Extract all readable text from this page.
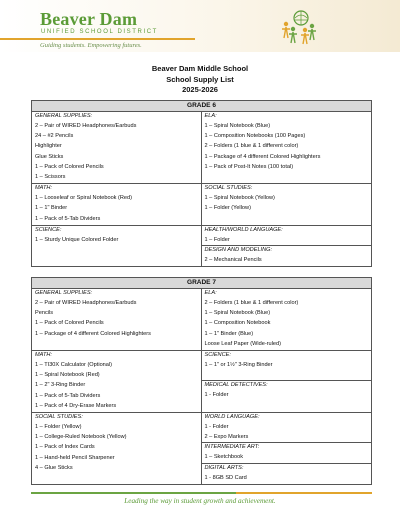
Beaver Dam
UNIFIED SCHOOL DISTRICT
Guiding students. Empowering futures.
Beaver Dam Middle School
School Supply List
2025-2026
GRADE 6
GENERAL SUPPLIES:
2 – Pair of WIRED Headphones/Earbuds
24 – #2 Pencils
Highlighter
Glue Sticks
1 – Pack of Colored Pencils
1 – Scissors
ELA:
1 – Spiral Notebook (Blue)
1 – Composition Notebooks (100 Pages)
2 – Folders (1 blue & 1 different color)
1 – Package of 4 different Colored Highlighters
1 – Pack of Post-It Notes (100 total)
MATH:
1 – Looseleaf or Spiral Notebook (Red)
1 – 1" Binder
1 – Pack of 5-Tab Dividers
SOCIAL STUDIES:
1 – Spiral Notebook (Yellow)
1 – Folder (Yellow)
SCIENCE:
1 – Sturdy Unique Colored Folder
HEALTH/WORLD LANGUAGE:
1 – Folder
DESIGN AND MODELING:
2 – Mechanical Pencils
GRADE 7
GENERAL SUPPLIES:
2 – Pair of WIRED Headphones/Earbuds
Pencils
1 – Pack of Colored Pencils
1 – Package of 4 different Colored Highlighters
ELA:
2 – Folders (1 blue & 1 different color)
1 – Spiral Notebook (Blue)
1 – Composition Notebook
1 – 1" Binder (Blue)
Loose Leaf Paper (Wide-ruled)
MATH:
1 – TI30X Calculator (Optional)
1 – Spiral Notebook (Red)
1 – 2" 3-Ring Binder
1 – Pack of 5-Tab Dividers
1 – Pack of 4 Dry-Erase Markers
SCIENCE:
1 – 1" or 1½" 3-Ring Binder

MEDICAL DETECTIVES:
1 - Folder
SOCIAL STUDIES:
1 – Folder (Yellow)
1 – College-Ruled Notebook (Yellow)
1 – Pack of Index Cards
1 – Hand-held Pencil Sharpener
4 – Glue Sticks
WORLD LANGUAGE:
1 - Folder
2 – Expo Markers
INTERMEDIATE ART:
1 – Sketchbook
DIGITAL ARTS:
1 - 8GB SD Card
Leading the way in student growth and achievement.
